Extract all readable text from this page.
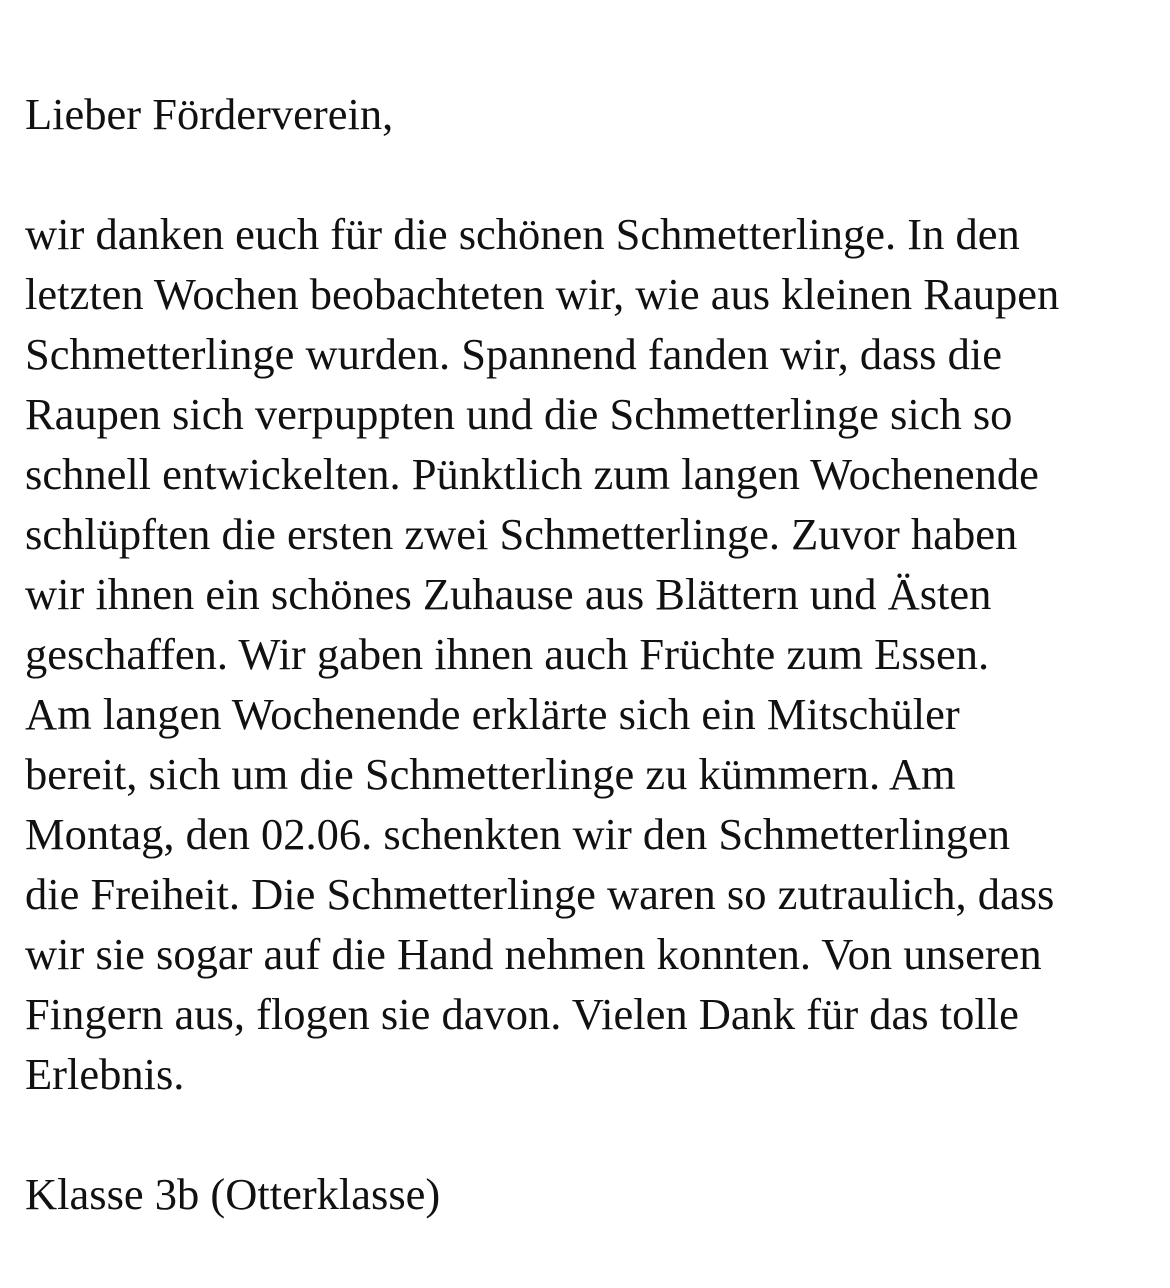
Lieber Förderverein,

wir danken euch für die schönen Schmetterlinge. In den
letzten Wochen beobachteten wir, wie aus kleinen Raupen
Schmetterlinge wurden. Spannend fanden wir, dass die
Raupen sich verpuppten und die Schmetterlinge sich so
schnell entwickelten. Pünktlich zum langen Wochenende
schlüpften die ersten zwei Schmetterlinge. Zuvor haben
wir ihnen ein schönes Zuhause aus Blättern und Ästen
geschaffen. Wir gaben ihnen auch Früchte zum Essen.
Am langen Wochenende erklärte sich ein Mitschüler
bereit, sich um die Schmetterlinge zu kümmern. Am
Montag, den 02.06. schenkten wir den Schmetterlingen
die Freiheit. Die Schmetterlinge waren so zutraulich, dass
wir sie sogar auf die Hand nehmen konnten. Von unseren
Fingern aus, flogen sie davon. Vielen Dank für das tolle
Erlebnis.

Klasse 3b (Otterklasse)
